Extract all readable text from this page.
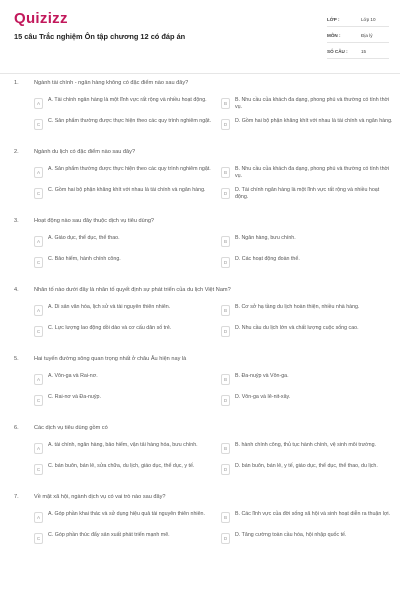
Quizizz
15 câu Trắc nghiệm Ôn tập chương 12 có đáp án
LỚP :	Lớp 10
MÔN :	Địa lý
SỐ CÂU :	15
1.	Ngành tài chính - ngân hàng không có đặc điểm nào sau đây?
A
A. Tài chính ngân hàng là một lĩnh vực rất rộng và nhiều hoạt động.
B
B. Nhu cầu của khách đa dạng, phong phú và thường có tính thời vụ.
C
C. Sản phẩm thường được thực hiện theo các quy trình nghiêm ngặt.
D
D. Gồm hai bộ phận khăng khít với nhau là tài chính và ngân hàng.
2.	Ngành du lịch có đặc điểm nào sau đây?
A
A. Sản phẩm thường được thực hiện theo các quy trình nghiêm ngặt.
B
B. Nhu cầu của khách đa dạng, phong phú và thường có tính thời vụ.
C
C. Gồm hai bộ phận khăng khít với nhau là tài chính và ngân hàng.
D
D. Tài chính ngân hàng là một lĩnh vực rất rộng và nhiều hoạt động.
3.	Hoạt động nào sau đây thuộc dịch vụ tiêu dùng?
A
A. Giáo dục, thể dục, thể thao.
B
B. Ngân hàng, bưu chính.
C
C. Bảo hiểm, hành chính công.
D
D. Các hoạt động đoàn thể.
4.	Nhân tố nào dưới đây là nhân tố quyết định sự phát triển của du lịch Việt Nam?
A
A. Di sản văn hóa, lịch sử và tài nguyên thiên nhiên.
B
B. Cơ sở hạ tầng du lịch hoàn thiện, nhiều nhà hàng.
C
C. Lực lượng lao động dồi dào và cơ cấu dân số trẻ.
D
D. Nhu cầu du lịch lớn và chất lượng cuộc sống cao.
5.	Hai tuyến đường sông quan trọng nhất ở châu Âu hiện nay là
A
A. Vôn-ga và Rai-nơ.
B
B. Đa-nuýp và Vôn-ga.
C
C. Rai-nơ và Đa-nuýp.
D
D. Vôn-ga và Iê-nit-xây.
6.	Các dịch vụ tiêu dùng gồm có
A
A. tài chính, ngân hàng, bảo hiểm, vận tải hàng hóa, bưu chính.
B
B. hành chính công, thủ tục hành chính, vệ sinh môi trường.
C
C. bán buôn, bán lẻ, sửa chữa, du lịch, giáo dục, thể dục, y tế.
D
D. bán buôn, bán lẻ, y tế, giáo dục, thể dục, thể thao, du lịch.
7.	Về mặt xã hội, ngành dịch vụ có vai trò nào sau đây?
A
A. Góp phần khai thác và sử dụng hiệu quả tài nguyên thiên nhiên.
B
B. Các lĩnh vực của đời sống xã hội và sinh hoạt diễn ra thuận lợi.
C
C. Góp phần thúc đẩy sản xuất phát triển mạnh mẽ.
D
D. Tăng cường toàn cầu hóa, hội nhập quốc tế.
